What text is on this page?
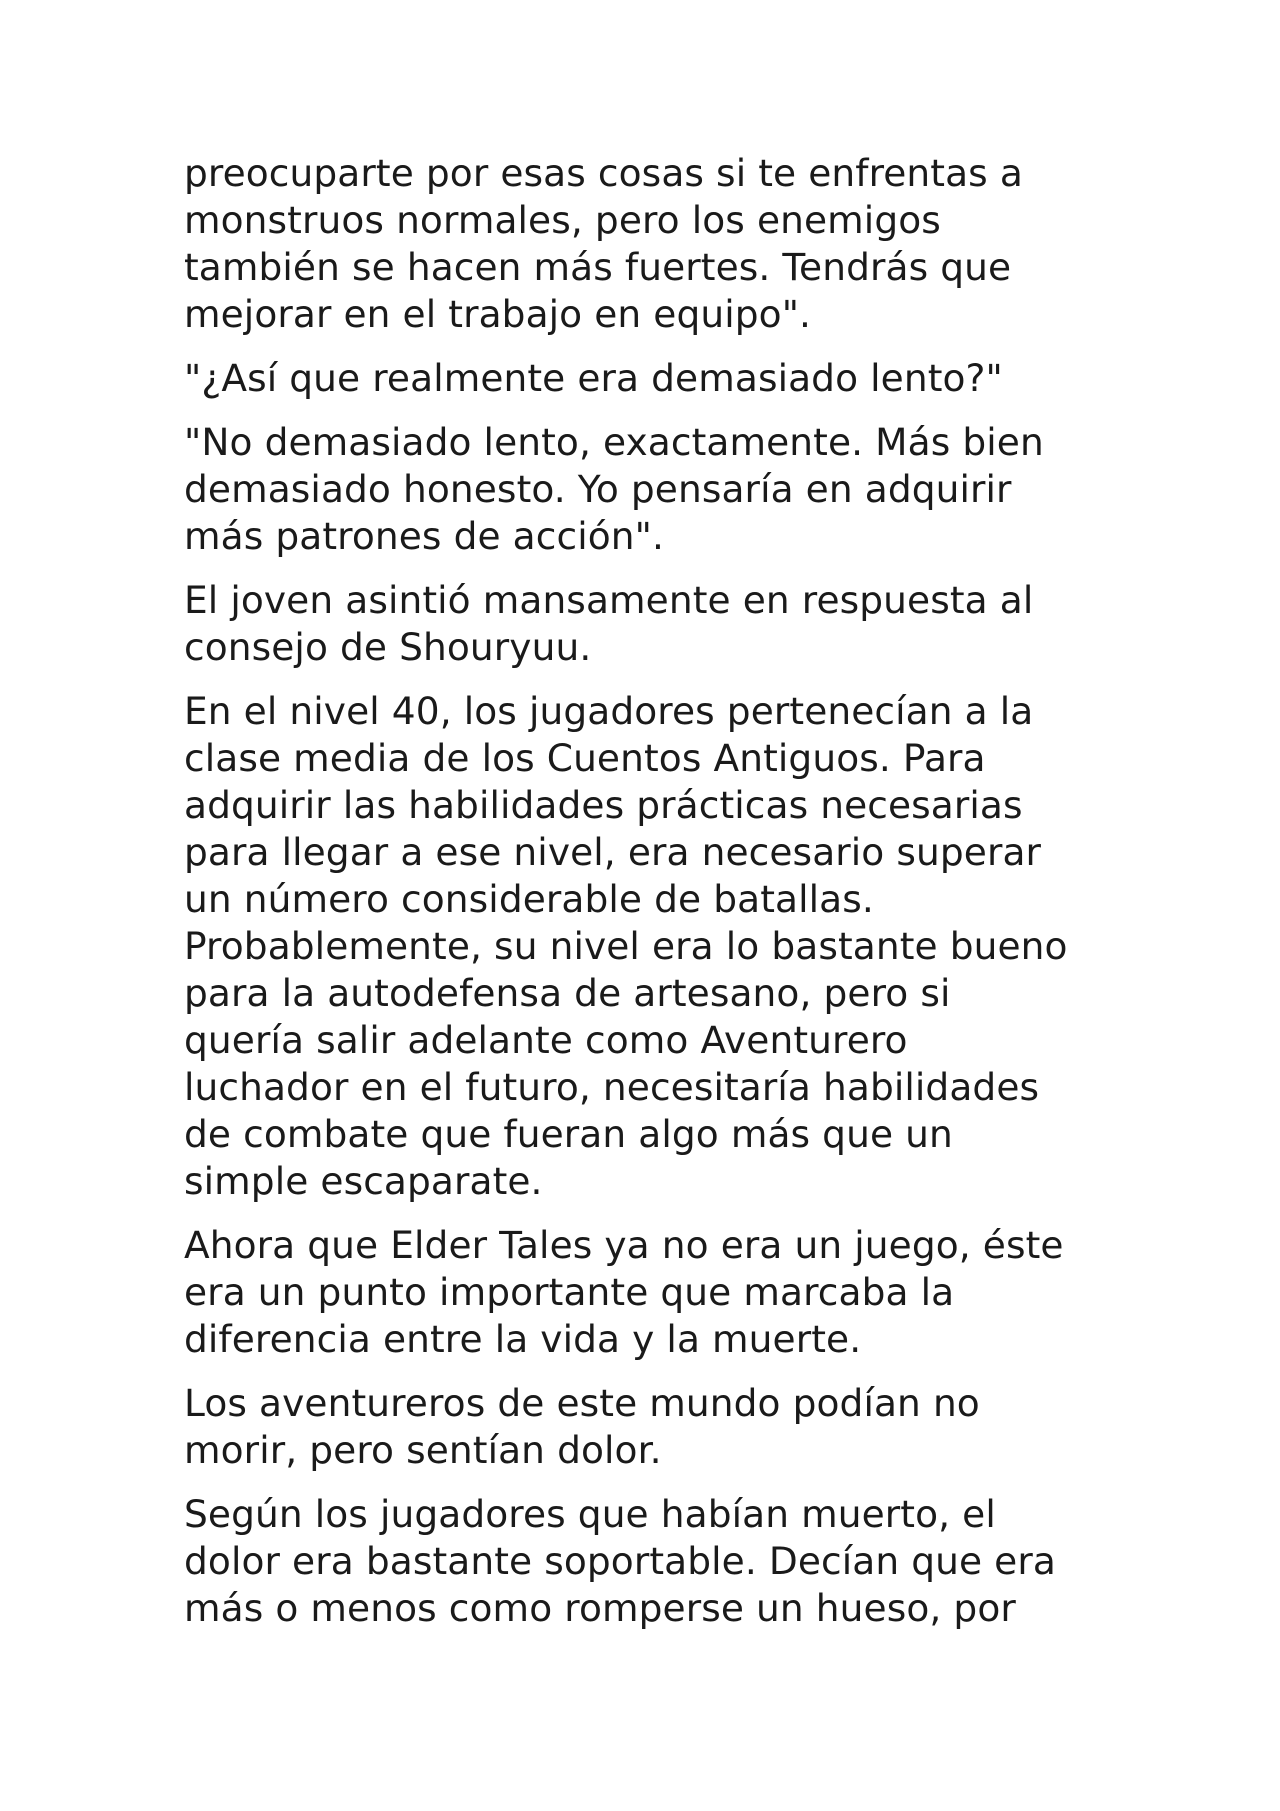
preocuparte por esas cosas si te enfrentas a
monstruos normales, pero los enemigos
también se hacen más fuertes. Tendrás que
mejorar en el trabajo en equipo".

"¿Así que realmente era demasiado lento?"

"No demasiado lento, exactamente. Más bien
demasiado honesto. Yo pensaría en adquirir
más patrones de acción".

El joven asintió mansamente en respuesta al
consejo de Shouryuu.

En el nivel 40, los jugadores pertenecían a la
clase media de los Cuentos Antiguos. Para
adquirir las habilidades prácticas necesarias
para llegar a ese nivel, era necesario superar
un número considerable de batallas.
Probablemente, su nivel era lo bastante bueno
para la autodefensa de artesano, pero si
quería salir adelante como Aventurero
luchador en el futuro, necesitaría habilidades
de combate que fueran algo más que un
simple escaparate.

Ahora que Elder Tales ya no era un juego, éste
era un punto importante que marcaba la
diferencia entre la vida y la muerte.

Los aventureros de este mundo podían no
morir, pero sentían dolor.

Según los jugadores que habían muerto, el
dolor era bastante soportable. Decían que era
más o menos como romperse un hueso, por
